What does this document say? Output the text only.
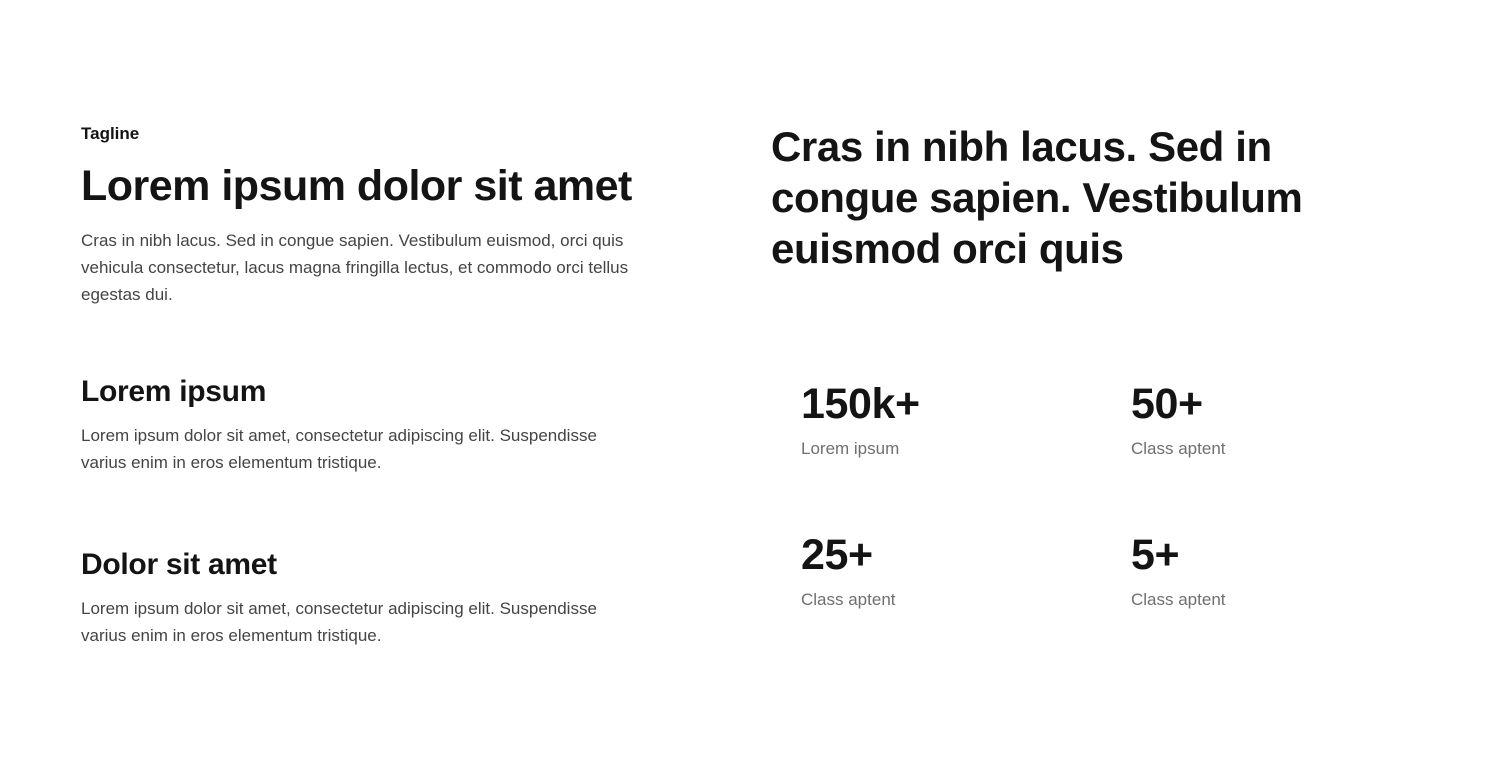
Tagline

Lorem ipsum dolor sit amet

Cras in nibh lacus. Sed in congue sapien. Vestibulum euismod, orci quis vehicula consectetur, lacus magna fringilla lectus, et commodo orci tellus egestas dui.

Lorem ipsum

Lorem ipsum dolor sit amet, consectetur adipiscing elit. Suspendisse varius enim in eros elementum tristique.

Dolor sit amet

Lorem ipsum dolor sit amet, consectetur adipiscing elit. Suspendisse varius enim in eros elementum tristique.

Cras in nibh lacus. Sed in congue sapien. Vestibulum euismod orci quis
150k+
Lorem ipsum
50+
Class aptent
25+
Class aptent
5+
Class aptent
